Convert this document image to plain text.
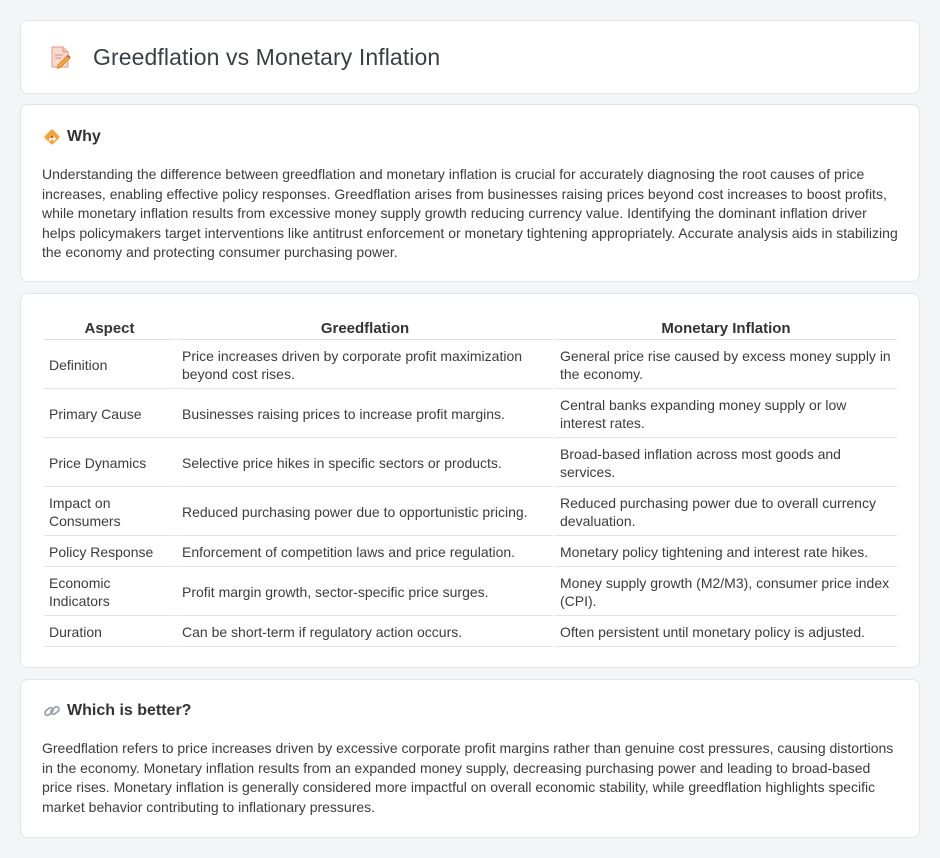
Greedflation vs Monetary Inflation
Why

Understanding the difference between greedflation and monetary inflation is crucial for accurately diagnosing the root causes of price increases, enabling effective policy responses. Greedflation arises from businesses raising prices beyond cost increases to boost profits, while monetary inflation results from excessive money supply growth reducing currency value. Identifying the dominant inflation driver helps policymakers target interventions like antitrust enforcement or monetary tightening appropriately. Accurate analysis aids in stabilizing the economy and protecting consumer purchasing power.

Aspect	Greedflation	Monetary Inflation
Definition	Price increases driven by corporate profit maximization beyond cost rises.	General price rise caused by excess money supply in the economy.
Primary Cause	Businesses raising prices to increase profit margins.	Central banks expanding money supply or low interest rates.
Price Dynamics	Selective price hikes in specific sectors or products.	Broad-based inflation across most goods and services.
Impact on Consumers	Reduced purchasing power due to opportunistic pricing.	Reduced purchasing power due to overall currency devaluation.
Policy Response	Enforcement of competition laws and price regulation.	Monetary policy tightening and interest rate hikes.
Economic Indicators	Profit margin growth, sector-specific price surges.	Money supply growth (M2/M3), consumer price index (CPI).
Duration	Can be short-term if regulatory action occurs.	Often persistent until monetary policy is adjusted.
Which is better?

Greedflation refers to price increases driven by excessive corporate profit margins rather than genuine cost pressures, causing distortions in the economy. Monetary inflation results from an expanded money supply, decreasing purchasing power and leading to broad-based price rises. Monetary inflation is generally considered more impactful on overall economic stability, while greedflation highlights specific market behavior contributing to inflationary pressures.
